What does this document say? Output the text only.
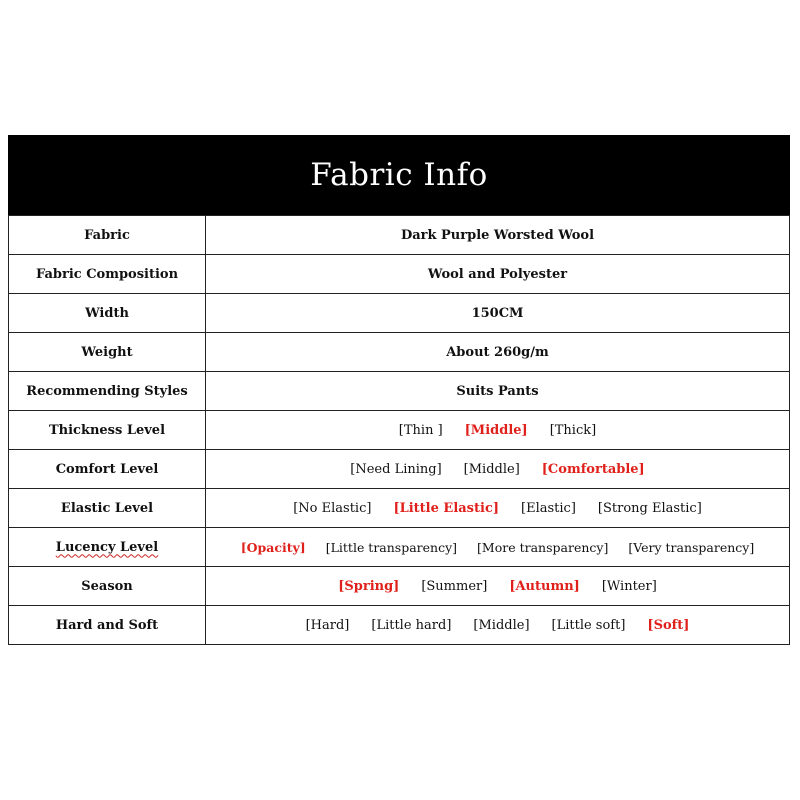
Fabric Info
Fabric	Dark Purple Worsted Wool
Fabric Composition	Wool and Polyester
Width	150CM
Weight	About 260g/m
Recommending Styles	Suits Pants
Thickness Level	[Thin ] [Middle] [Thick]

Comfort Level	[Need Lining] [Middle] [Comfortable]

Elastic Level	[No Elastic] [Little Elastic] [Elastic] [Strong Elastic]

Lucency Level	[Opacity] [Little transparency] [More transparency] [Very transparency]

Season	[Spring] [Summer] [Autumn] [Winter]

Hard and Soft	[Hard] [Little hard] [Middle] [Little soft] [Soft]
